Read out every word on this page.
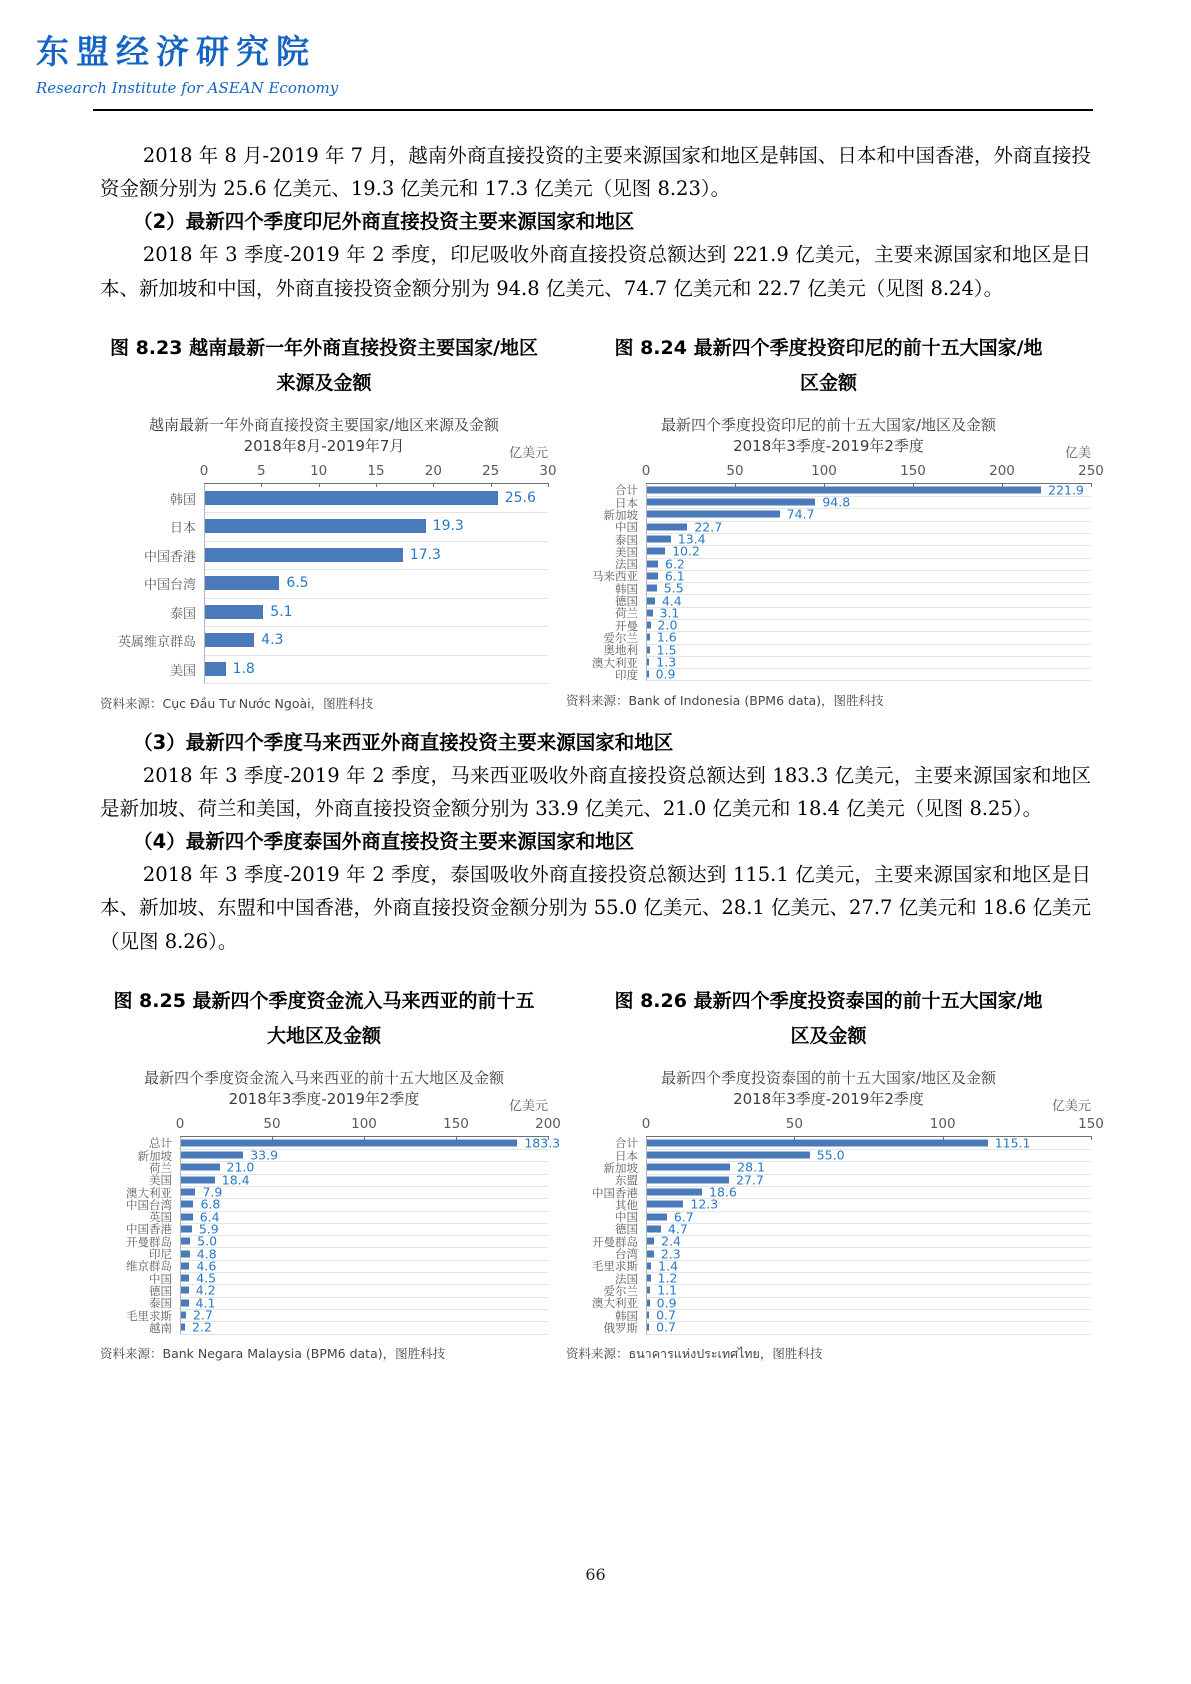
东盟经济研究院
Research Institute for ASEAN Economy

2018 年 8 月-2019 年 7 月，越南外商直接投资的主要来源国家和地区是韩国、日本和中国香港，外商直接投资金额分别为 25.6 亿美元、19.3 亿美元和 17.3 亿美元（见图 8.23）。

（2）最新四个季度印尼外商直接投资主要来源国家和地区

2018 年 3 季度-2019 年 2 季度，印尼吸收外商直接投资总额达到 221.9 亿美元，主要来源国家和地区是日本、新加坡和中国，外商直接投资金额分别为 94.8 亿美元、74.7 亿美元和 22.7 亿美元（见图 8.24）。

图 8.23 越南最新一年外商直接投资主要国家/地区来源及金额
越南最新一年外商直接投资主要国家/地区来源及金额
2018年8月-2019年7月	亿美元
0	5	10	15	20	25	30
韩国	25.6
日本	19.3
中国香港	17.3
中国台湾	6.5
泰国	5.1
英属维京群岛	4.3
美国	1.8
资料来源：Cục Đầu Tư Nước Ngoài，图胜科技
图 8.24 最新四个季度投资印尼的前十五大国家/地区金额
最新四个季度投资印尼的前十五大国家/地区及金额
2018年3季度-2019年2季度	亿美
0	50	100	150	200	250
合计	221.9
日本	94.8
新加坡	74.7
中国	22.7
泰国	13.4
美国	10.2
法国	6.2
马来西亚	6.1
韩国	5.5
德国	4.4
荷兰	3.1
开曼	2.0
爱尔兰	1.6
奥地利	1.5
澳大利亚	1.3
印度	0.9
资料来源：Bank of Indonesia (BPM6 data)，图胜科技

（3）最新四个季度马来西亚外商直接投资主要来源国家和地区

2018 年 3 季度-2019 年 2 季度，马来西亚吸收外商直接投资总额达到 183.3 亿美元，主要来源国家和地区是新加坡、荷兰和美国，外商直接投资金额分别为 33.9 亿美元、21.0 亿美元和 18.4 亿美元（见图 8.25）。

（4）最新四个季度泰国外商直接投资主要来源国家和地区

2018 年 3 季度-2019 年 2 季度，泰国吸收外商直接投资总额达到 115.1 亿美元，主要来源国家和地区是日本、新加坡、东盟和中国香港，外商直接投资金额分别为 55.0 亿美元、28.1 亿美元、27.7 亿美元和 18.6 亿美元（见图 8.26）。

图 8.25 最新四个季度资金流入马来西亚的前十五大地区及金额
最新四个季度资金流入马来西亚的前十五大地区及金额
2018年3季度-2019年2季度	亿美元
0	50	100	150	200
总计	183.3
新加坡	33.9
荷兰	21.0
美国	18.4
澳大利亚	7.9
中国台湾	6.8
英国	6.4
中国香港	5.9
开曼群岛	5.0
印尼	4.8
维京群岛	4.6
中国	4.5
德国	4.2
泰国	4.1
毛里求斯	2.7
越南	2.2
资料来源：Bank Negara Malaysia (BPM6 data)，图胜科技
图 8.26 最新四个季度投资泰国的前十五大国家/地区及金额
最新四个季度投资泰国的前十五大国家/地区及金额
2018年3季度-2019年2季度	亿美元
0	50	100	150
合计	115.1
日本	55.0
新加坡	28.1
东盟	27.7
中国香港	18.6
其他	12.3
中国	6.7
德国	4.7
开曼群岛	2.4
台湾	2.3
毛里求斯	1.4
法国	1.2
爱尔兰	1.1
澳大利亚	0.9
韩国	0.7
俄罗斯	0.7
资料来源：ธนาคารแห่งประเทศไทย，图胜科技
66
